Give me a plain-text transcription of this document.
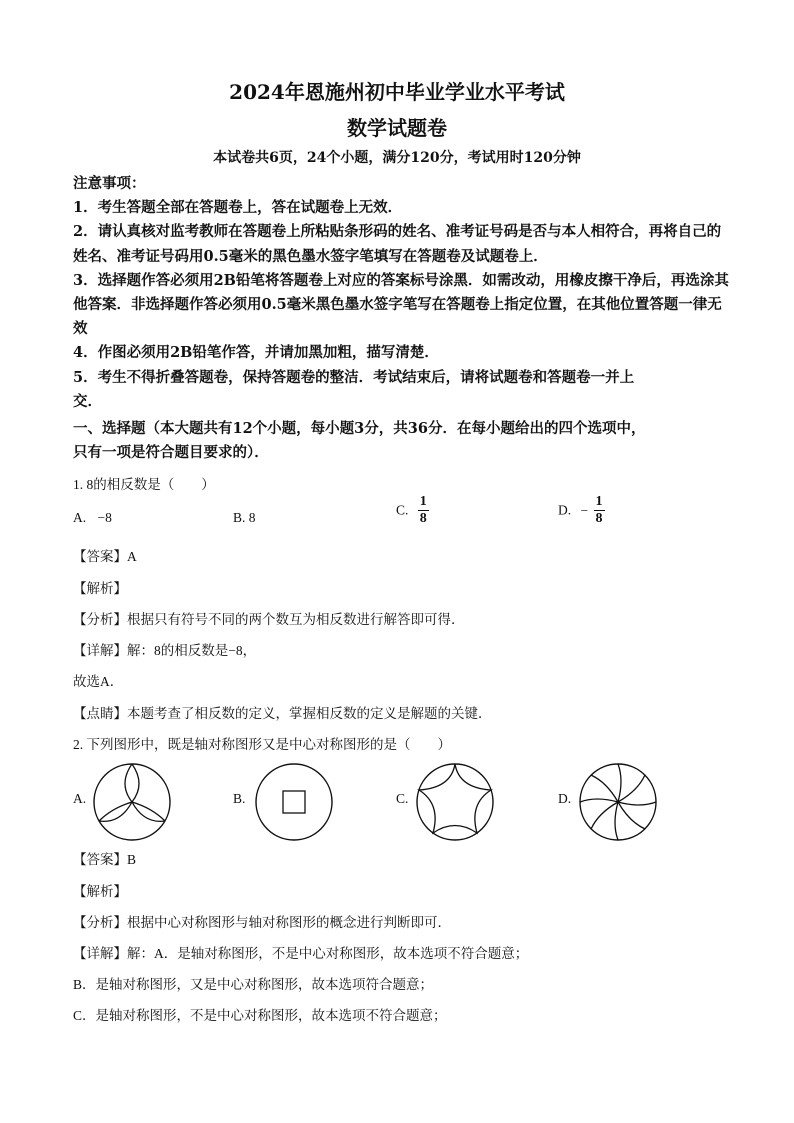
2024年恩施州初中毕业学业水平考试
数学试题卷
本试卷共6页，24个小题，满分120分，考试用时120分钟

注意事项：

1．考生答题全部在答题卷上，答在试题卷上无效．

2．请认真核对监考教师在答题卷上所粘贴条形码的姓名、准考证号码是否与本人相符合，再将自己的姓名、准考证号码用0.5毫米的黑色墨水签字笔填写在答题卷及试题卷上．

3．选择题作答必须用2B铅笔将答题卷上对应的答案标号涂黑．如需改动，用橡皮擦干净后，再选涂其他答案．非选择题作答必须用0.5毫米黑色墨水签字笔写在答题卷上指定位置，在其他位置答题一律无效

4．作图必须用2B铅笔作答，并请加黑加粗，描写清楚．

5．考生不得折叠答题卷，保持答题卷的整洁．考试结束后，请将试题卷和答题卷一并上

交．

一、选择题（本大题共有12个小题，每小题3分，共36分．在每小题给出的四个选项中，
只有一项是符合题目要求的）．
1. 8的相反数是（　　）
A. −8	B. 8	C. $\frac{1}{8}$	D. − $\frac{1}{8}$
【答案】A
【解析】
【分析】根据只有符号不同的两个数互为相反数进行解答即可得．
【详解】解：8的相反数是−8，
故选A．
【点睛】本题考查了相反数的定义，掌握相反数的定义是解题的关键．
2. 下列图形中，既是轴对称图形又是中心对称图形的是（　　）
A.	B.	C.	D.
【答案】B
【解析】
【分析】根据中心对称图形与轴对称图形的概念进行判断即可．
【详解】解：A．是轴对称图形，不是中心对称图形，故本选项不符合题意；
B．是轴对称图形，又是中心对称图形，故本选项符合题意；
C．是轴对称图形，不是中心对称图形，故本选项不符合题意；
